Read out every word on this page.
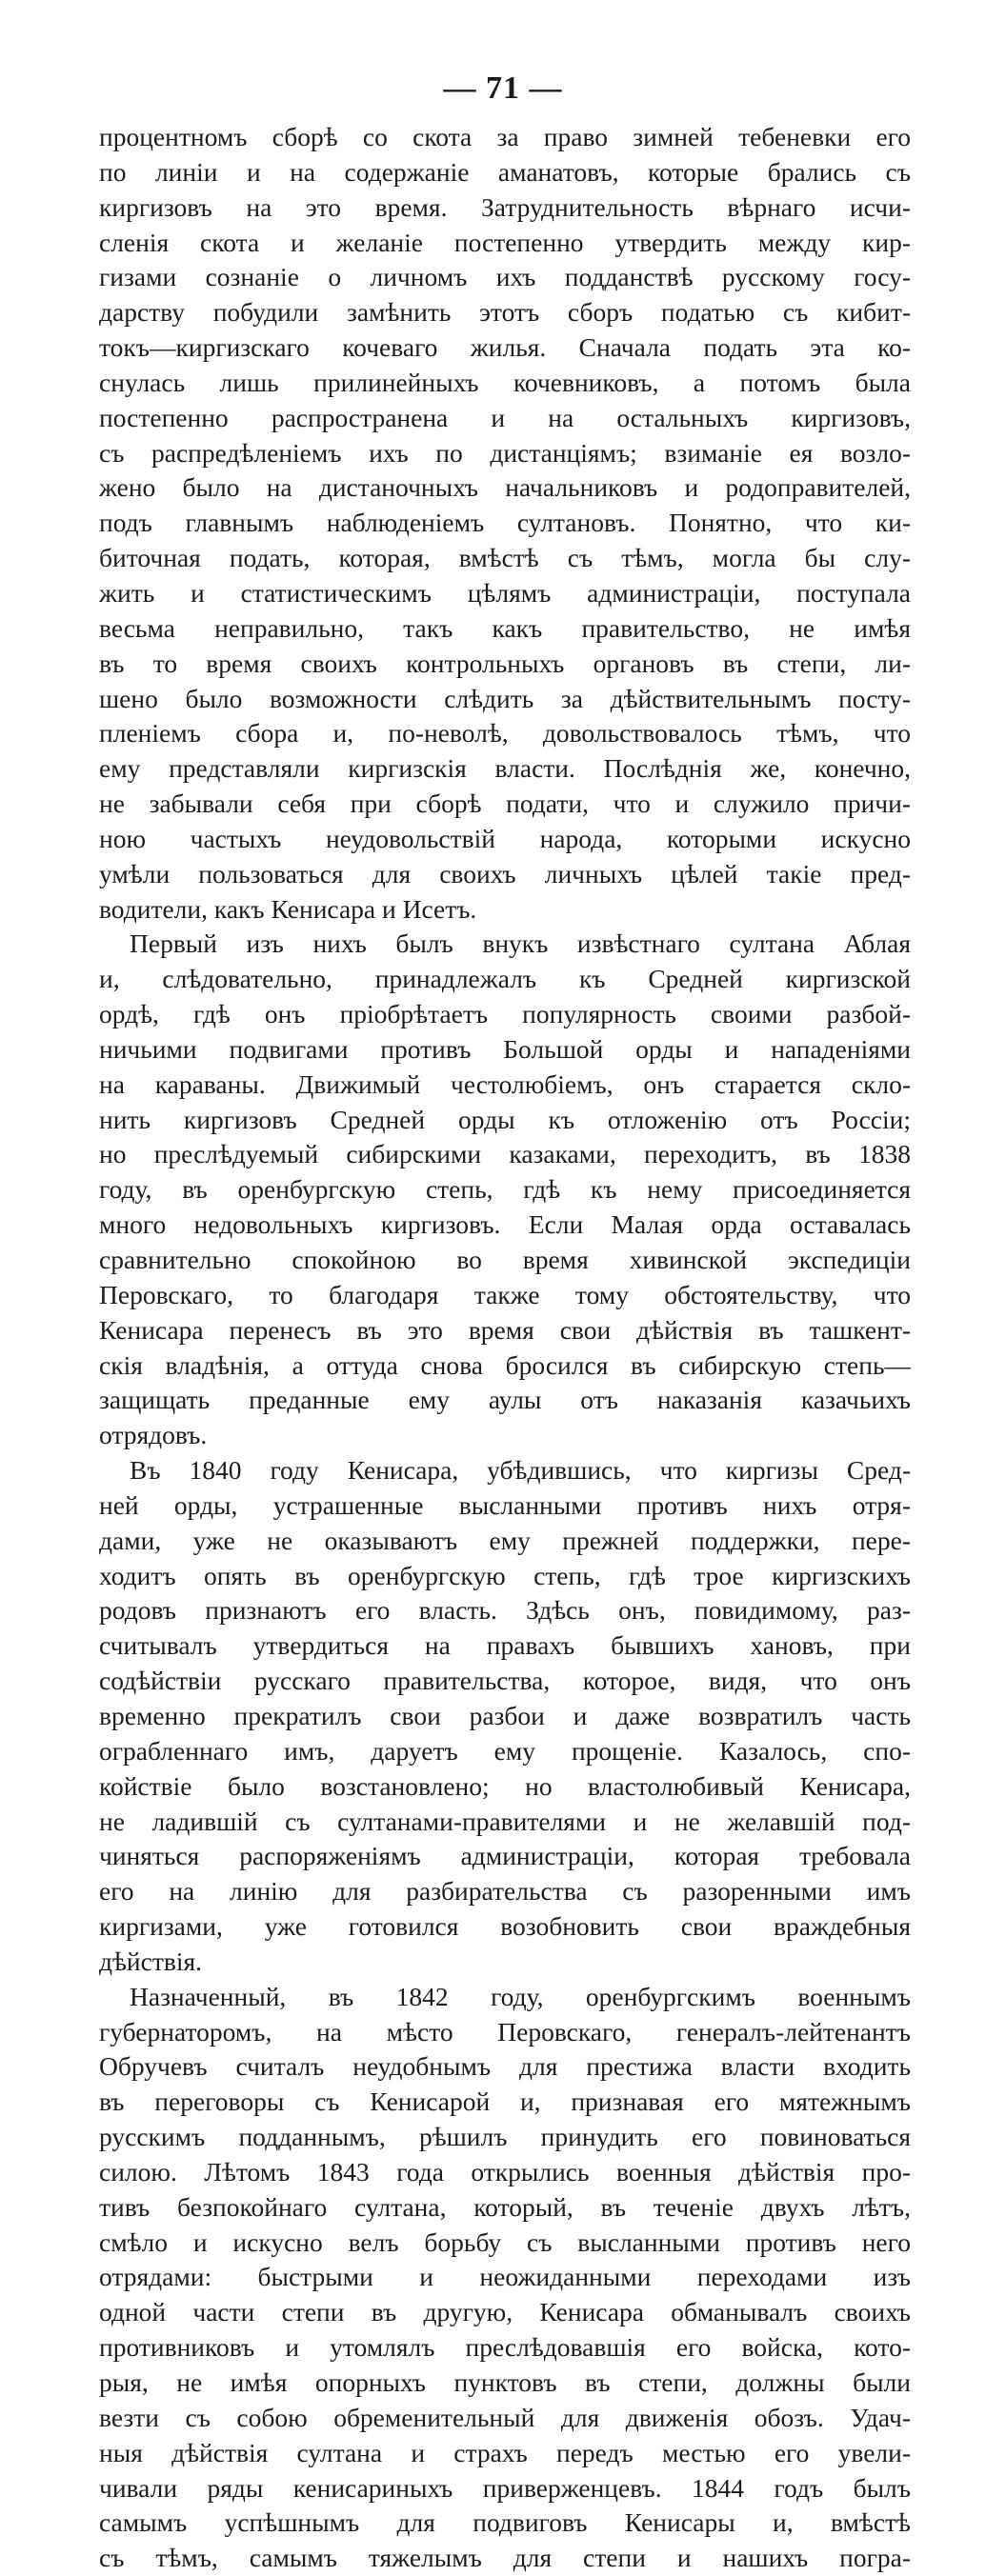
— 71 —
процентномъ сборѣ со скота за право зимней тебеневки его
по линіи и на содержаніе аманатовъ, которые брались съ
киргизовъ на это время. Затруднительность вѣрнаго исчи-
сленія скота и желаніе постепенно утвердить между кир-
гизами сознаніе о личномъ ихъ подданствѣ русскому госу-
дарству побудили замѣнить этотъ сборъ податью съ кибит-
токъ—киргизскаго кочеваго жилья. Сначала подать эта ко-
снулась лишь прилинейныхъ кочевниковъ, а потомъ была
постепенно распространена и на остальныхъ киргизовъ,
съ распредѣленіемъ ихъ по дистанціямъ; взиманіе ея возло-
жено было на дистаночныхъ начальниковъ и родоправителей,
подъ главнымъ наблюденіемъ султановъ. Понятно, что ки-
биточная подать, которая, вмѣстѣ съ тѣмъ, могла бы слу-
жить и статистическимъ цѣлямъ администраціи, поступала
весьма неправильно, такъ какъ правительство, не имѣя
въ то время своихъ контрольныхъ органовъ въ степи, ли-
шено было возможности слѣдить за дѣйствительнымъ посту-
пленіемъ сбора и, по-неволѣ, довольствовалось тѣмъ, что
ему представляли киргизскія власти. Послѣднія же, конечно,
не забывали себя при сборѣ подати, что и служило причи-
ною частыхъ неудовольствій народа, которыми искусно
умѣли пользоваться для своихъ личныхъ цѣлей такіе пред-
водители, какъ Кенисара и Исетъ.
Первый изъ нихъ былъ внукъ извѣстнаго султана Аблая
и, слѣдовательно, принадлежалъ къ Средней киргизской
ордѣ, гдѣ онъ пріобрѣтаетъ популярность своими разбой-
ничьими подвигами противъ Большой орды и нападеніями
на караваны. Движимый честолюбіемъ, онъ старается скло-
нить киргизовъ Средней орды къ отложенію отъ Россіи;
но преслѣдуемый сибирскими казаками, переходитъ, въ 1838
году, въ оренбургскую степь, гдѣ къ нему присоединяется
много недовольныхъ киргизовъ. Если Малая орда оставалась
сравнительно спокойною во время хивинской экспедиціи
Перовскаго, то благодаря также тому обстоятельству, что
Кенисара перенесъ въ это время свои дѣйствія въ ташкент-
скія владѣнія, а оттуда снова бросился въ сибирскую степь—
защищать преданные ему аулы отъ наказанія казачьихъ
отрядовъ.
Въ 1840 году Кенисара, убѣдившись, что киргизы Сред-
ней орды, устрашенные высланными противъ нихъ отря-
дами, уже не оказываютъ ему прежней поддержки, пере-
ходитъ опять въ оренбургскую степь, гдѣ трое киргизскихъ
родовъ признаютъ его власть. Здѣсь онъ, повидимому, раз-
считывалъ утвердиться на правахъ бывшихъ хановъ, при
содѣйствіи русскаго правительства, которое, видя, что онъ
временно прекратилъ свои разбои и даже возвратилъ часть
ограбленнаго имъ, даруетъ ему прощеніе. Казалось, спо-
койствіе было возстановлено; но властолюбивый Кенисара,
не ладившій съ султанами-правителями и не желавшій под-
чиняться распоряженіямъ администраціи, которая требовала
его на линію для разбирательства съ разоренными имъ
киргизами, уже готовился возобновить свои враждебныя
дѣйствія.
Назначенный, въ 1842 году, оренбургскимъ военнымъ
губернаторомъ, на мѣсто Перовскаго, генералъ-лейтенантъ
Обручевъ считалъ неудобнымъ для престижа власти входить
въ переговоры съ Кенисарой и, признавая его мятежнымъ
русскимъ подданнымъ, рѣшилъ принудить его повиноваться
силою. Лѣтомъ 1843 года открылись военныя дѣйствія про-
тивъ безпокойнаго султана, который, въ теченіе двухъ лѣтъ,
смѣло и искусно велъ борьбу съ высланными противъ него
отрядами: быстрыми и неожиданными переходами изъ
одной части степи въ другую, Кенисара обманывалъ своихъ
противниковъ и утомлялъ преслѣдовавшія его войска, кото-
рыя, не имѣя опорныхъ пунктовъ въ степи, должны были
везти съ собою обременительный для движенія обозъ. Удач-
ныя дѣйствія султана и страхъ передъ местью его увели-
чивали ряды кенисариныхъ приверженцевъ. 1844 годъ былъ
самымъ успѣшнымъ для подвиговъ Кенисары и, вмѣстѣ
съ тѣмъ, самымъ тяжелымъ для степи и нашихъ погра-
